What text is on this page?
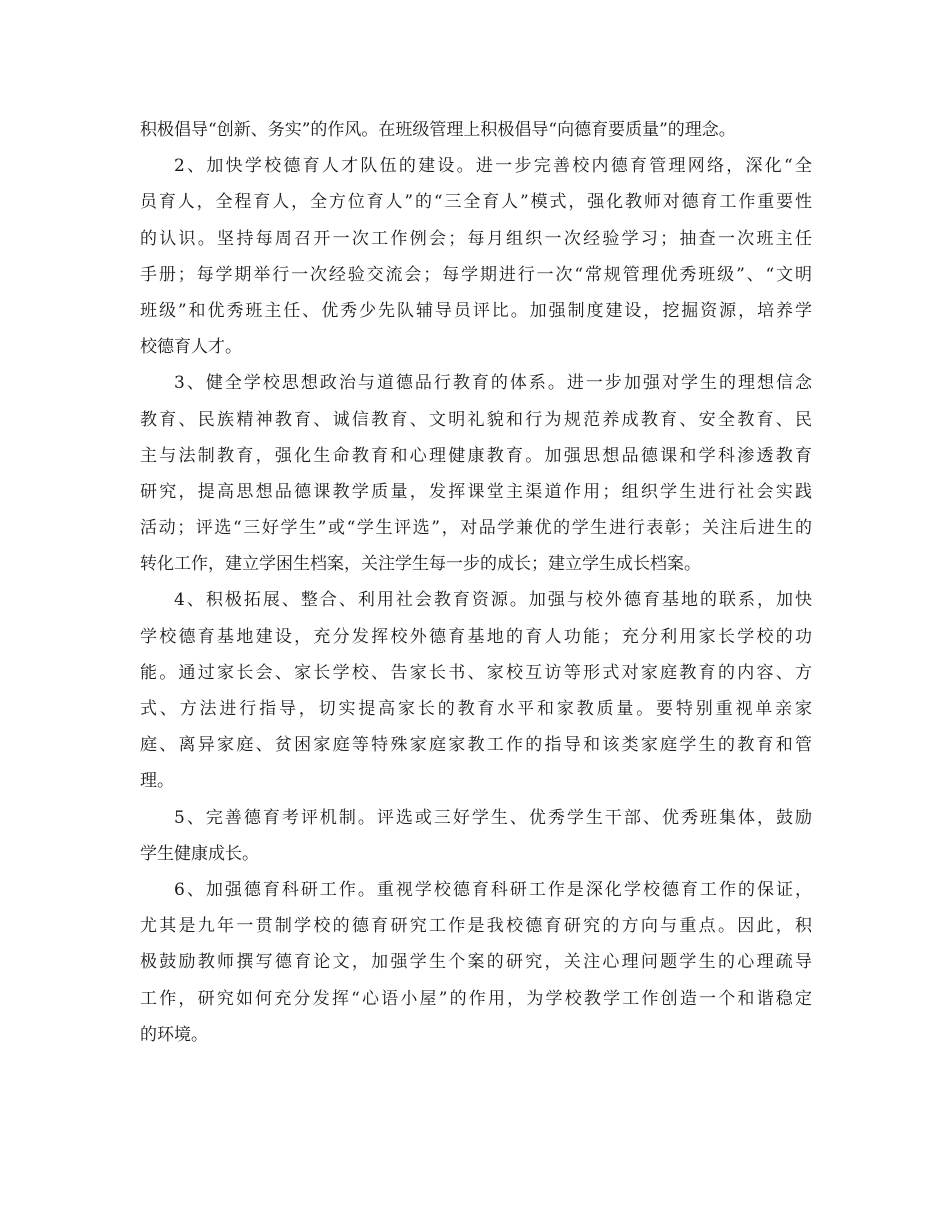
积极倡导“创新、务实”的作风。在班级管理上积极倡导“向德育要质量”的理念。
2、加快学校德育人才队伍的建设。进一步完善校内德育管理网络，深化“全
员育人，全程育人，全方位育人”的“三全育人”模式，强化教师对德育工作重要性
的认识。坚持每周召开一次工作例会；每月组织一次经验学习；抽查一次班主任
手册；每学期举行一次经验交流会；每学期进行一次“常规管理优秀班级”、“文明
班级”和优秀班主任、优秀少先队辅导员评比。加强制度建设，挖掘资源，培养学
校德育人才。
3、健全学校思想政治与道德品行教育的体系。进一步加强对学生的理想信念
教育、民族精神教育、诚信教育、文明礼貌和行为规范养成教育、安全教育、民
主与法制教育，强化生命教育和心理健康教育。加强思想品德课和学科渗透教育
研究，提高思想品德课教学质量，发挥课堂主渠道作用；组织学生进行社会实践
活动；评选“三好学生”或“学生评选”，对品学兼优的学生进行表彰；关注后进生的
转化工作，建立学困生档案，关注学生每一步的成长；建立学生成长档案。
4、积极拓展、整合、利用社会教育资源。加强与校外德育基地的联系，加快
学校德育基地建设，充分发挥校外德育基地的育人功能；充分利用家长学校的功
能。通过家长会、家长学校、告家长书、家校互访等形式对家庭教育的内容、方
式、方法进行指导，切实提高家长的教育水平和家教质量。要特别重视单亲家
庭、离异家庭、贫困家庭等特殊家庭家教工作的指导和该类家庭学生的教育和管
理。
5、完善德育考评机制。评选或三好学生、优秀学生干部、优秀班集体，鼓励
学生健康成长。
6、加强德育科研工作。重视学校德育科研工作是深化学校德育工作的保证，
尤其是九年一贯制学校的德育研究工作是我校德育研究的方向与重点。因此，积
极鼓励教师撰写德育论文，加强学生个案的研究，关注心理问题学生的心理疏导
工作，研究如何充分发挥“心语小屋”的作用，为学校教学工作创造一个和谐稳定
的环境。
